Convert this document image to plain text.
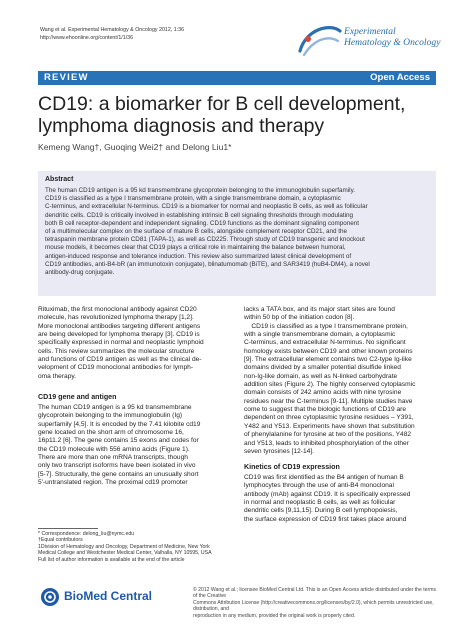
Wang et al. Experimental Hematology & Oncology 2012, 1:36
http://www.ehoonline.org/content/1/1/36
Experimental
Hematology & Oncology
REVIEW	Open Access
CD19: a biomarker for B cell development,
lymphoma diagnosis and therapy
Kemeng Wang†, Guoqing Wei2† and Delong Liu1*
Abstract
The human CD19 antigen is a 95 kd transmembrane glycoprotein belonging to the immunoglobulin superfamily.
CD19 is classified as a type I transmembrane protein, with a single transmembrane domain, a cytoplasmic
C-terminus, and extracellular N-terminus. CD19 is a biomarker for normal and neoplastic B cells, as well as follicular
dendritic cells. CD19 is critically involved in establishing intrinsic B cell signaling thresholds through modulating
both B cell receptor-dependent and independent signaling. CD19 functions as the dominant signaling component
of a multimolecular complex on the surface of mature B cells, alongside complement receptor CD21, and the
tetraspanin membrane protein CD81 (TAPA-1), as well as CD225. Through study of CD19 transgenic and knockout
mouse models, it becomes clear that CD19 plays a critical role in maintaining the balance between humoral,
antigen-induced response and tolerance induction. This review also summarized latest clinical development of
CD19 antibodies, anti-B4-bR (an immunotoxin conjugate), blinatumomab (BiTE), and SAR3419 (huB4-DM4), a novel
antibody-drug conjugate.

Rituximab, the first monoclonal antibody against CD20

molecule, has revolutionized lymphoma therapy [1,2].

More monoclonal antibodies targeting different antigens

are being developed for lymphoma therapy [3]. CD19 is

specifically expressed in normal and neoplastic lymphoid

cells. This review summarizes the molecular structure

and functions of CD19 antigen as well as the clinical de-

velopment of CD19 monoclonal antibodies for lymph-

oma therapy.

CD19 gene and antigen

The human CD19 antigen is a 95 kd transmembrane

glycoprotein belonging to the immunoglobulin (Ig)

superfamily [4,5]. It is encoded by the 7.41 kilobite cd19

gene located on the short arm of chromosome 16,

16p11.2 [6]. The gene contains 15 exons and codes for

the CD19 molecule with 556 amino acids (Figure 1).

There are more than one mRNA transcripts, though

only two transcript isoforms have been isolated in vivo

[5-7]. Structurally, the gene contains an unusually short

5'-untranslated region. The proximal cd19 promoter

* Correspondence: delong_liu@nymc.edu

†Equal contributors

1Division of Hematology and Oncology, Department of Medicine, New York

Medical College and Westchester Medical Center, Valhalla, NY 10595, USA

Full list of author information is available at the end of the article

lacks a TATA box, and its major start sites are found

within 50 bp of the initiation codon [8].

CD19 is classified as a type I transmembrane protein,

with a single transmembrane domain, a cytoplasmic

C-terminus, and extracellular N-terminus. No significant

homology exists between CD19 and other known proteins

[9]. The extracellular element contains two C2-type Ig-like

domains divided by a smaller potential disulfide linked

non-Ig-like domain, as well as N-linked carbohydrate

addition sites (Figure 2). The highly conserved cytoplasmic

domain consists of 242 amino acids with nine tyrosine

residues near the C-terminus [9-11]. Multiple studies have

come to suggest that the biologic functions of CD19 are

dependent on three cytoplasmic tyrosine residues – Y391,

Y482 and Y513. Experiments have shown that substitution

of phenylalanine for tyrosine at two of the positions, Y482

and Y513, leads to inhibited phosphorylation of the other

seven tyrosines [12-14].

Kinetics of CD19 expression

CD19 was first identified as the B4 antigen of human B

lymphocytes through the use of anti-B4 monoclonal

antibody (mAb) against CD19. It is specifically expressed

in normal and neoplastic B cells, as well as follicular

dendritic cells [9,11,15]. During B cell lymphopoiesis,

the surface expression of CD19 first takes place around

BioMed Central	© 2012 Wang et al.; licensee BioMed Central Ltd. This is an Open Access article distributed under the terms of the Creative
Commons Attribution License (http://creativecommons.org/licenses/by/2.0), which permits unrestricted use, distribution, and
reproduction in any medium, provided the original work is properly cited.
